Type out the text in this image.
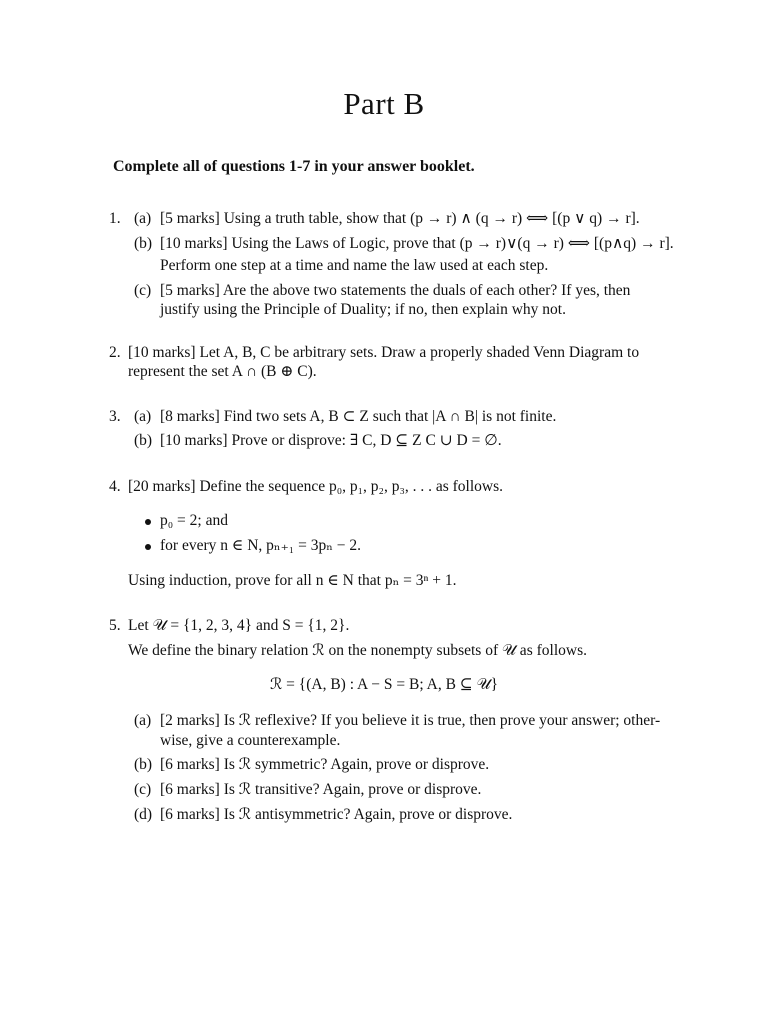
Part B
Complete all of questions 1-7 in your answer booklet.
1. (a) [5 marks] Using a truth table, show that (p → r) ∧ (q → r) ⟺ [(p ∨ q) → r].
(b) [10 marks] Using the Laws of Logic, prove that (p → r)∨(q → r) ⟺ [(p∧q) → r].
Perform one step at a time and name the law used at each step.
(c) [5 marks] Are the above two statements the duals of each other? If yes, then
justify using the Principle of Duality; if no, then explain why not.
2. [10 marks] Let A, B, C be arbitrary sets. Draw a properly shaded Venn Diagram to
represent the set A ∩ (B ⊕ C).
3. (a) [8 marks] Find two sets A, B ⊂ Z such that |A ∩ B| is not finite.
(b) [10 marks] Prove or disprove: ∃ C, D ⊆ Z C ∪ D = ∅.
4. [20 marks] Define the sequence p₀, p₁, p₂, p₃, . . . as follows.
p₀ = 2; and
for every n ∈ N, pₙ₊₁ = 3pₙ − 2.
Using induction, prove for all n ∈ N that pₙ = 3ⁿ + 1.
5. Let 𝒰 = {1, 2, 3, 4} and S = {1, 2}.
We define the binary relation ℛ on the nonempty subsets of 𝒰 as follows.
ℛ = {(A, B) : A − S = B; A, B ⊆ 𝒰}
(a) [2 marks] Is ℛ reflexive? If you believe it is true, then prove your answer; other-
wise, give a counterexample.
(b) [6 marks] Is ℛ symmetric? Again, prove or disprove.
(c) [6 marks] Is ℛ transitive? Again, prove or disprove.
(d) [6 marks] Is ℛ antisymmetric? Again, prove or disprove.
